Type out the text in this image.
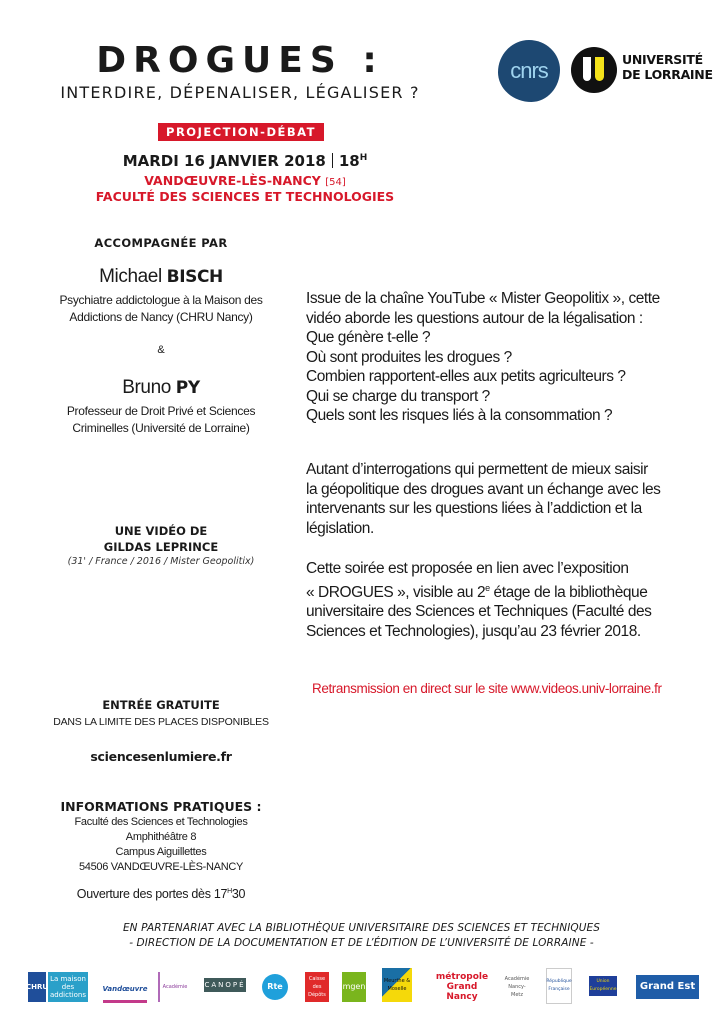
DROGUES :
INTERDIRE, DÉPENALISER, LÉGALISER ?
cnrs	UNIVERSITÉ
DE LORRAINE
PROJECTION-DÉBAT
MARDI 16 JANVIER 2018 $18^H$
VANDŒUVRE-LÈS-NANCY [54]
FACULTÉ DES SCIENCES ET TECHNOLOGIES
ACCOMPAGNÉE PAR
Michael BISCH
Psychiatre addictologue à la Maison des
Addictions de Nancy (CHRU Nancy)
&
Bruno PY
Professeur de Droit Privé et Sciences
Criminelles (Université de Lorraine)
UNE VIDÉO DE
GILDAS LEPRINCE
(31' / France / 2016 / Mister Geopolitix)
ENTRÉE GRATUITE
DANS LA LIMITE DES PLACES DISPONIBLES
sciencesenlumiere.fr
INFORMATIONS PRATIQUES :
Faculté des Sciences et Technologies
Amphithéâtre 8
Campus Aiguillettes
54506 VANDŒUVRE-LÈS-NANCY
Ouverture des portes dès $17^H30$
Issue de la chaîne YouTube « Mister Geopolitix », cette
vidéo aborde les questions autour de la légalisation :
Que génère t-elle ?
Où sont produites les drogues ?
Combien rapportent-elles aux petits agriculteurs ?
Qui se charge du transport ?
Quels sont les risques liés à la consommation ?
Autant d’interrogations qui permettent de mieux saisir
la géopolitique des drogues avant un échange avec les
intervenants sur les questions liées à l’addiction et la
législation.
Cette soirée est proposée en lien avec l’exposition
« DROGUES », visible au 2e étage de la bibliothèque
universitaire des Sciences et Techniques (Faculté des
Sciences et Technologies), jusqu’au 23 février 2018.
Retransmission en direct sur le site www.videos.univ-lorraine.fr
EN PARTENARIAT AVEC LA BIBLIOTHÈQUE UNIVERSITAIRE DES SCIENCES ET TECHNIQUES
- DIRECTION DE LA DOCUMENTATION ET DE L’ÉDITION DE L’UNIVERSITÉ DE LORRAINE -
CHRU
La maison des addictions
Vandœuvre	Académie CANOPÉ	Rte
Caisse des Dépôts
mgen
Meurthe & Moselle
métropole Grand Nancy
Académie Nancy-Metz
République Française
Union Européenne Grand Est
